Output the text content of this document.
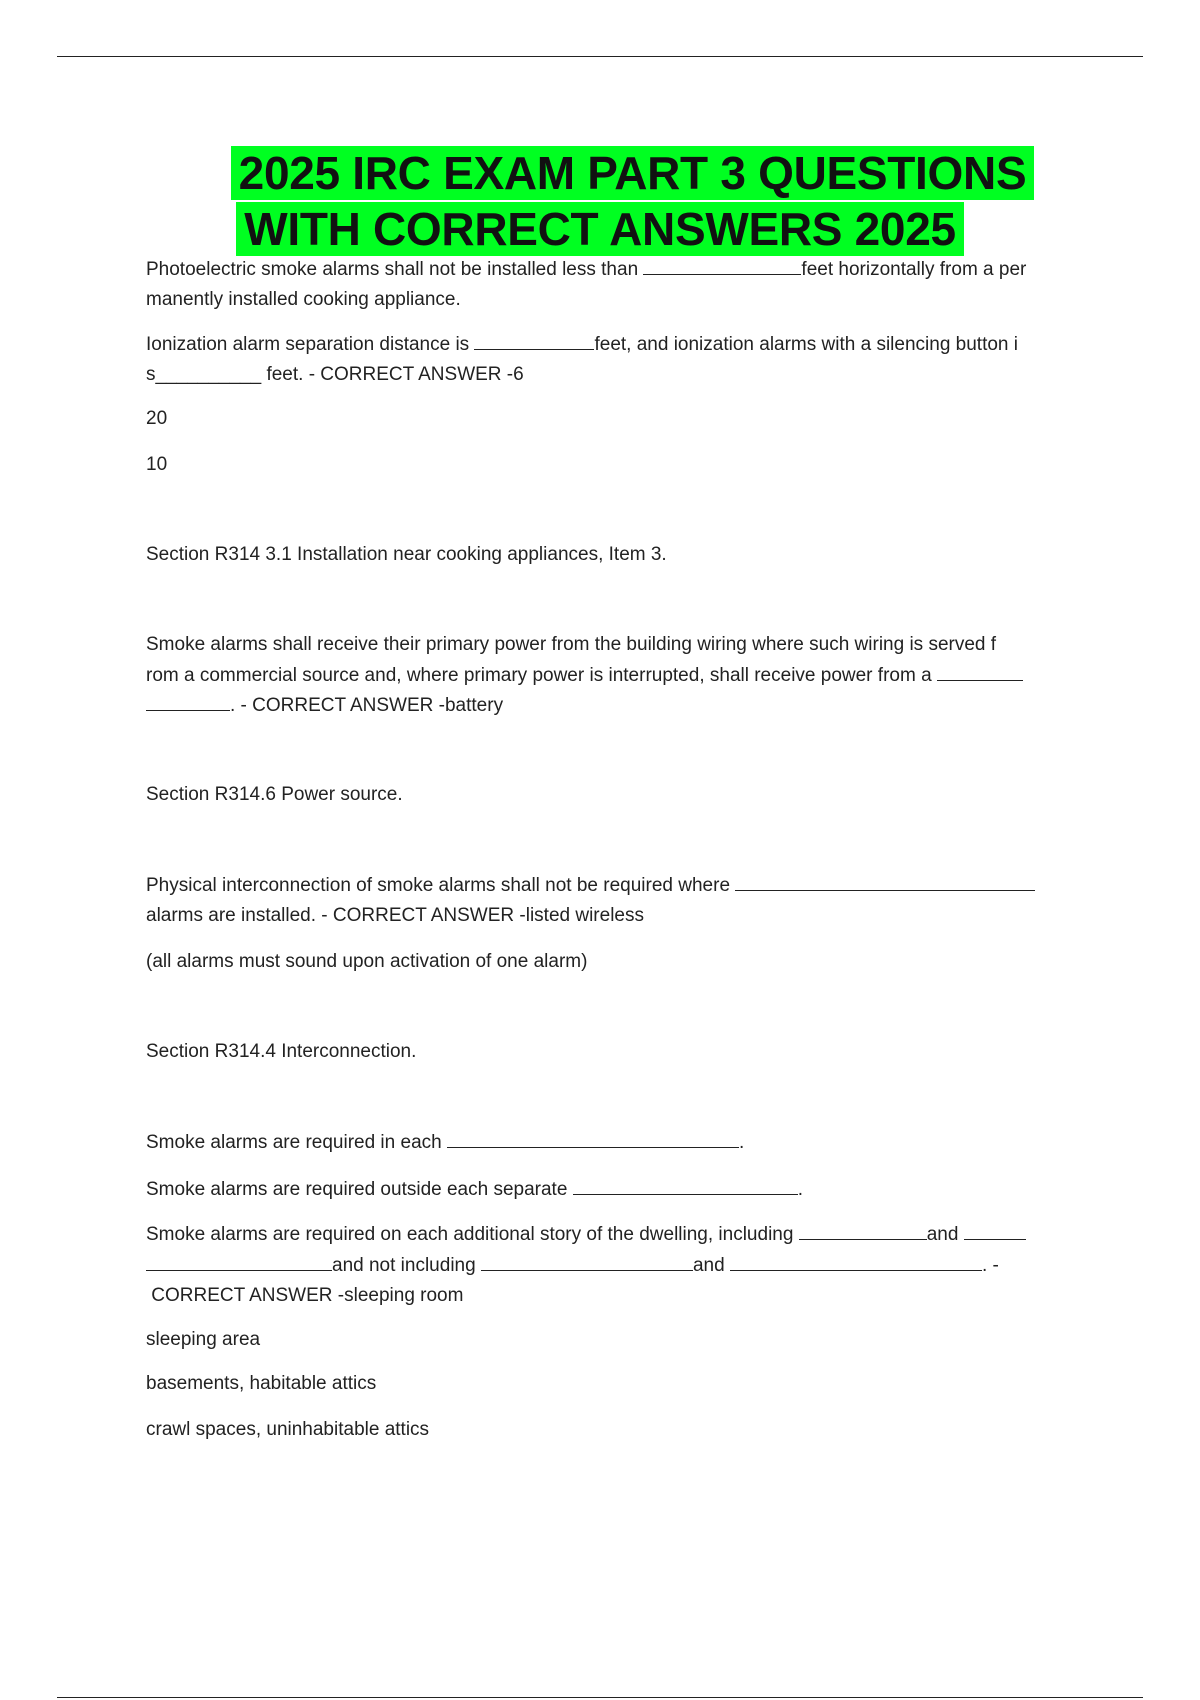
2025 IRC EXAM PART 3 QUESTIONS
WITH CORRECT ANSWERS 2025

Photoelectric smoke alarms shall not be installed less than	feet horizontally from a per

manently installed cooking appliance.

Ionization alarm separation distance is	feet, and ionization alarms with a silencing button i

s__________ feet. - CORRECT ANSWER -6

20

10

Section R314 3.1 Installation near cooking appliances, Item 3.

Smoke alarms shall receive their primary power from the building wiring where such wiring is served f

rom a commercial source and, where primary power is interrupted, shall receive power from a

. - CORRECT ANSWER -battery

Section R314.6 Power source.

Physical interconnection of smoke alarms shall not be required where

alarms are installed. - CORRECT ANSWER -listed wireless

(all alarms must sound upon activation of one alarm)

Section R314.4 Interconnection.

Smoke alarms are required in each	.

Smoke alarms are required outside each separate	.

Smoke alarms are required on each additional story of the dwelling, including	and

and not including	and	. -

CORRECT ANSWER -sleeping room

sleeping area

basements, habitable attics

crawl spaces, uninhabitable attics
